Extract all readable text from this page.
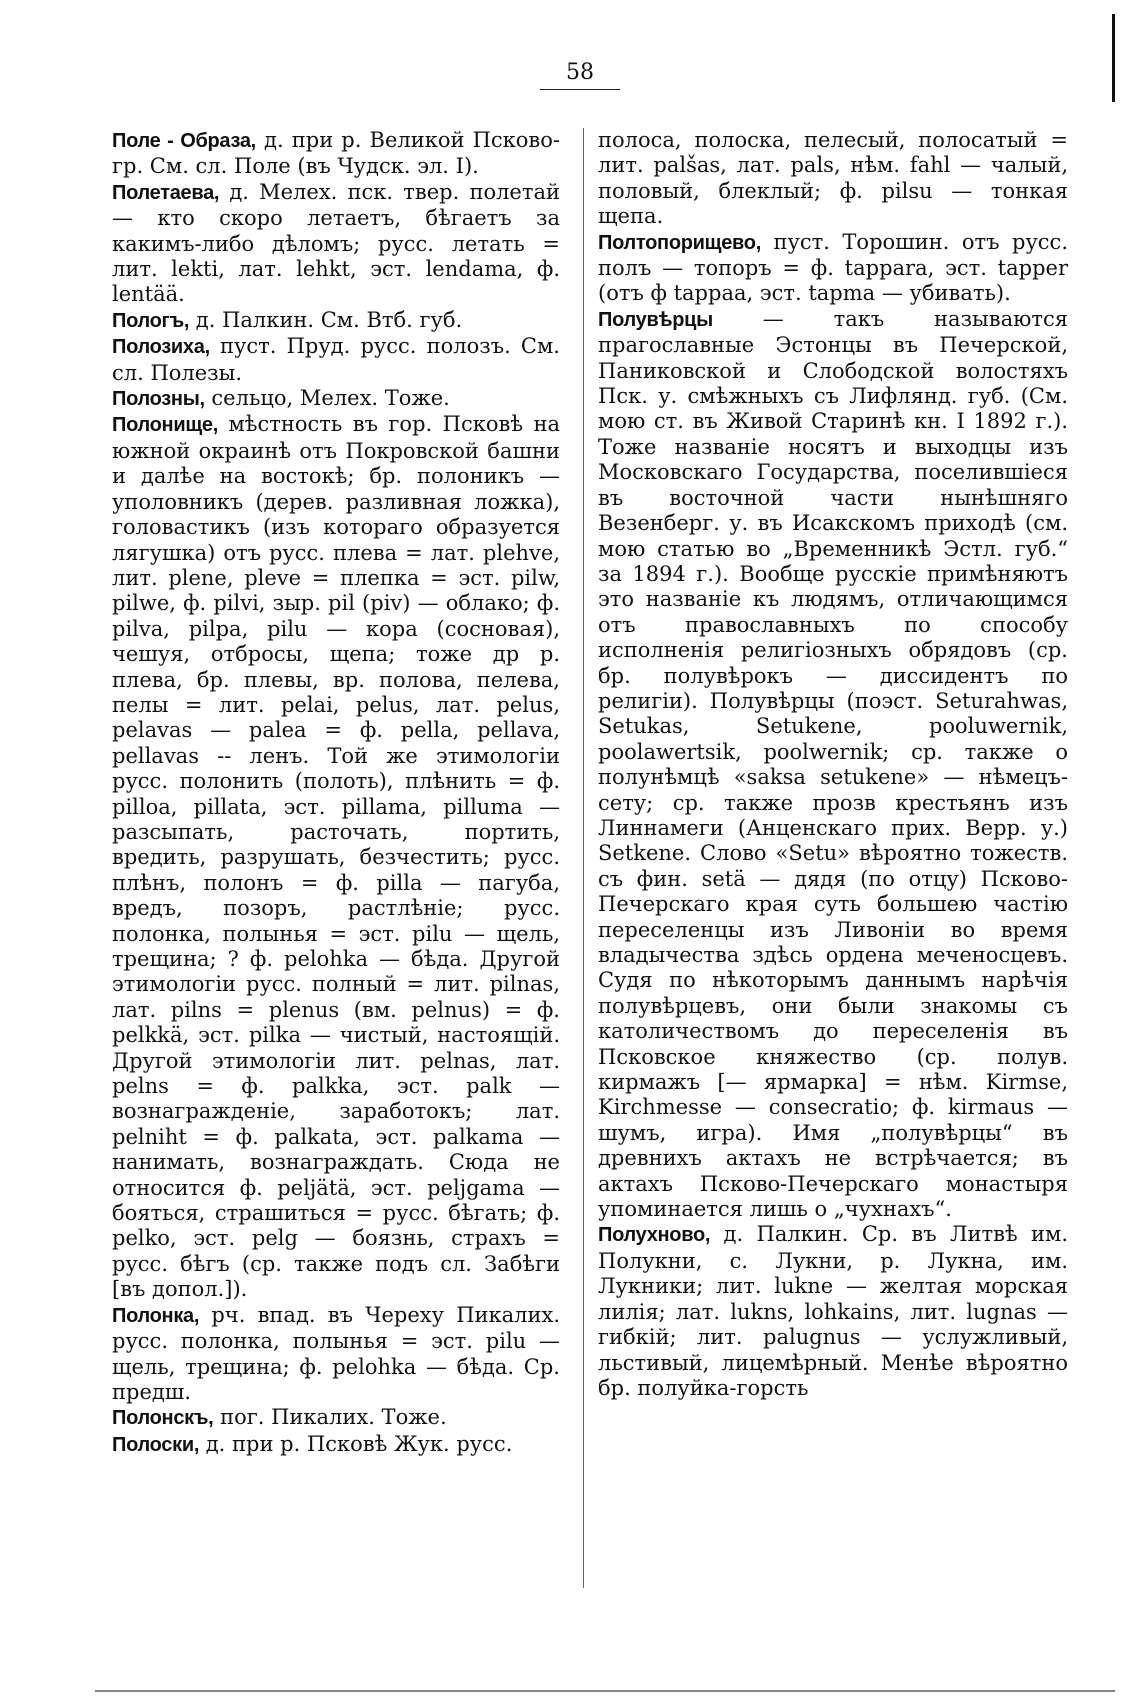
58

Поле - Образа, д. при р. Великой Псково-гр. См. сл. Поле (въ Чудск. эл. I).

Полетаева, д. Мелех. пск. твер. полетай — кто скоро летаетъ, бѣгаетъ за какимъ-либо дѣломъ; русс. летать = лит. lekti, лат. lehkt, эст. lendama, ф. lentää.

Пологъ, д. Палкин. См. Втб. губ.

Полозиха, пуст. Пруд. русс. полозъ. См. сл. Полезы.

Полозны, сельцо, Мелех. Тоже.

Полонище, мѣстность въ гор. Псковѣ на южной окраинѣ отъ Покровской башни и далѣе на востокѣ; бр. полоникъ — уполовникъ (дерев. разливная ложка), головастикъ (изъ котораго образуется лягушка) отъ русс. плева = лат. plehve, лит. plene, pleve = плепка = эст. pilw, pilwe, ф. pilvi, зыр. pil (piv) — облако; ф. pilva, pilpa, pilu — кора (сосновая), чешуя, отбросы, щепа; тоже др р. плева, бр. плевы, вр. полова, пелева, пелы = лит. pelai, pelus, лат. pelus, pelavas — palea = ф. pella, pellava, pellavas -- ленъ. Той же этимологіи русс. полонить (полоть), плѣнить = ф. pilloa, pillata, эст. pillama, pilluma — разсыпать, расточать, портить, вредить, разрушать, безчестить; русс. плѣнъ, полонъ = ф. pilla — пагуба, вредъ, позоръ, растлѣніе; русс. полонка, полынья = эст. pilu — щель, трещина; ? ф. pelohka — бѣда. Другой этимологіи русс. полный = лит. pilnas, лат. pilns = plenus (вм. pelnus) = ф. pelkkä, эст. pilka — чистый, настоящій. Другой этимологіи лит. pelnas, лат. pelns = ф. palkka, эст. palk — вознагражденіе, заработокъ; лат. pelniht = ф. palkata, эст. palkama — нанимать, вознаграждать. Сюда не относится ф. peljätä, эст. peljgama — бояться, страшиться = русс. бѣгать; ф. pelko, эст. pelg — боязнь, страхъ = русс. бѣгъ (ср. также подъ сл. Забѣги [въ допол.]).

Полонка, рч. впад. въ Череху Пикалих. русс. полонка, полынья = эст. pilu — щель, трещина; ф. pelohka — бѣда. Ср. предш.

Полонскъ, пог. Пикалих. Тоже.

Полоски, д. при р. Псковѣ Жук. русс.

полоса, полоска, пелесый, полосатый = лит. palšas, лат. pals, нѣм. fahl — чалый, половый, блеклый; ф. pilsu — тонкая щепа.

Полтопорищево, пуст. Торошин. отъ русс. полъ — топоръ = ф. tappara, эст. tapper (отъ ф tappaa, эст. tapma — убивать).

Полувѣрцы — такъ называются прагославные Эстонцы въ Печерской, Паниковской и Слободской волостяхъ Пск. у. смѣжныхъ съ Лифлянд. губ. (См. мою ст. въ Живой Старинѣ кн. I 1892 г.). Тоже названіе носятъ и выходцы изъ Московскаго Государства, поселившіеся въ восточной части нынѣшняго Везенберг. у. въ Исакскомъ приходѣ (см. мою статью во „Временникѣ Эстл. губ.“ за 1894 г.). Вообще русскіе примѣняютъ это названіе къ людямъ, отличающимся отъ православныхъ по способу исполненія религіозныхъ обрядовъ (ср. бр. полувѣрокъ — диссидентъ по религіи). Полувѣрцы (поэст. Seturahwas, Setukas, Setukene, pooluwernik, poolawertsik, poolwernik; ср. также о полунѣмцѣ «saksa setukene» — нѣмецъ-сету; ср. также прозв крестьянъ изъ Линнамеги (Анценскаго прих. Верр. у.) Setkene. Слово «Setu» вѣроятно тожеств. съ фин. setä — дядя (по отцу) Псково-Печерскаго края суть большею частію переселенцы изъ Ливоніи во время владычества здѣсь ордена меченосцевъ. Судя по нѣкоторымъ даннымъ нарѣчія полувѣрцевъ, они были знакомы съ католичествомъ до переселенія въ Псковское княжество (ср. полув. кирмажъ [— ярмарка] = нѣм. Kirmse, Kirchmesse — consecratio; ф. kirmaus — шумъ, игра). Имя „полувѣрцы“ въ древнихъ актахъ не встрѣчается; въ актахъ Псково-Печерскаго монастыря упоминается лишь о „чухнахъ“.

Полухново, д. Палкин. Ср. въ Литвѣ им. Полукни, с. Лукни, р. Лукна, им. Лукники; лит. lukne — желтая морская лилія; лат. lukns, lohkains, лит. lugnas — гибкій; лит. palugnus — услужливый, льстивый, лицемѣрный. Менѣе вѣроятно бр. полуйка-горсть
